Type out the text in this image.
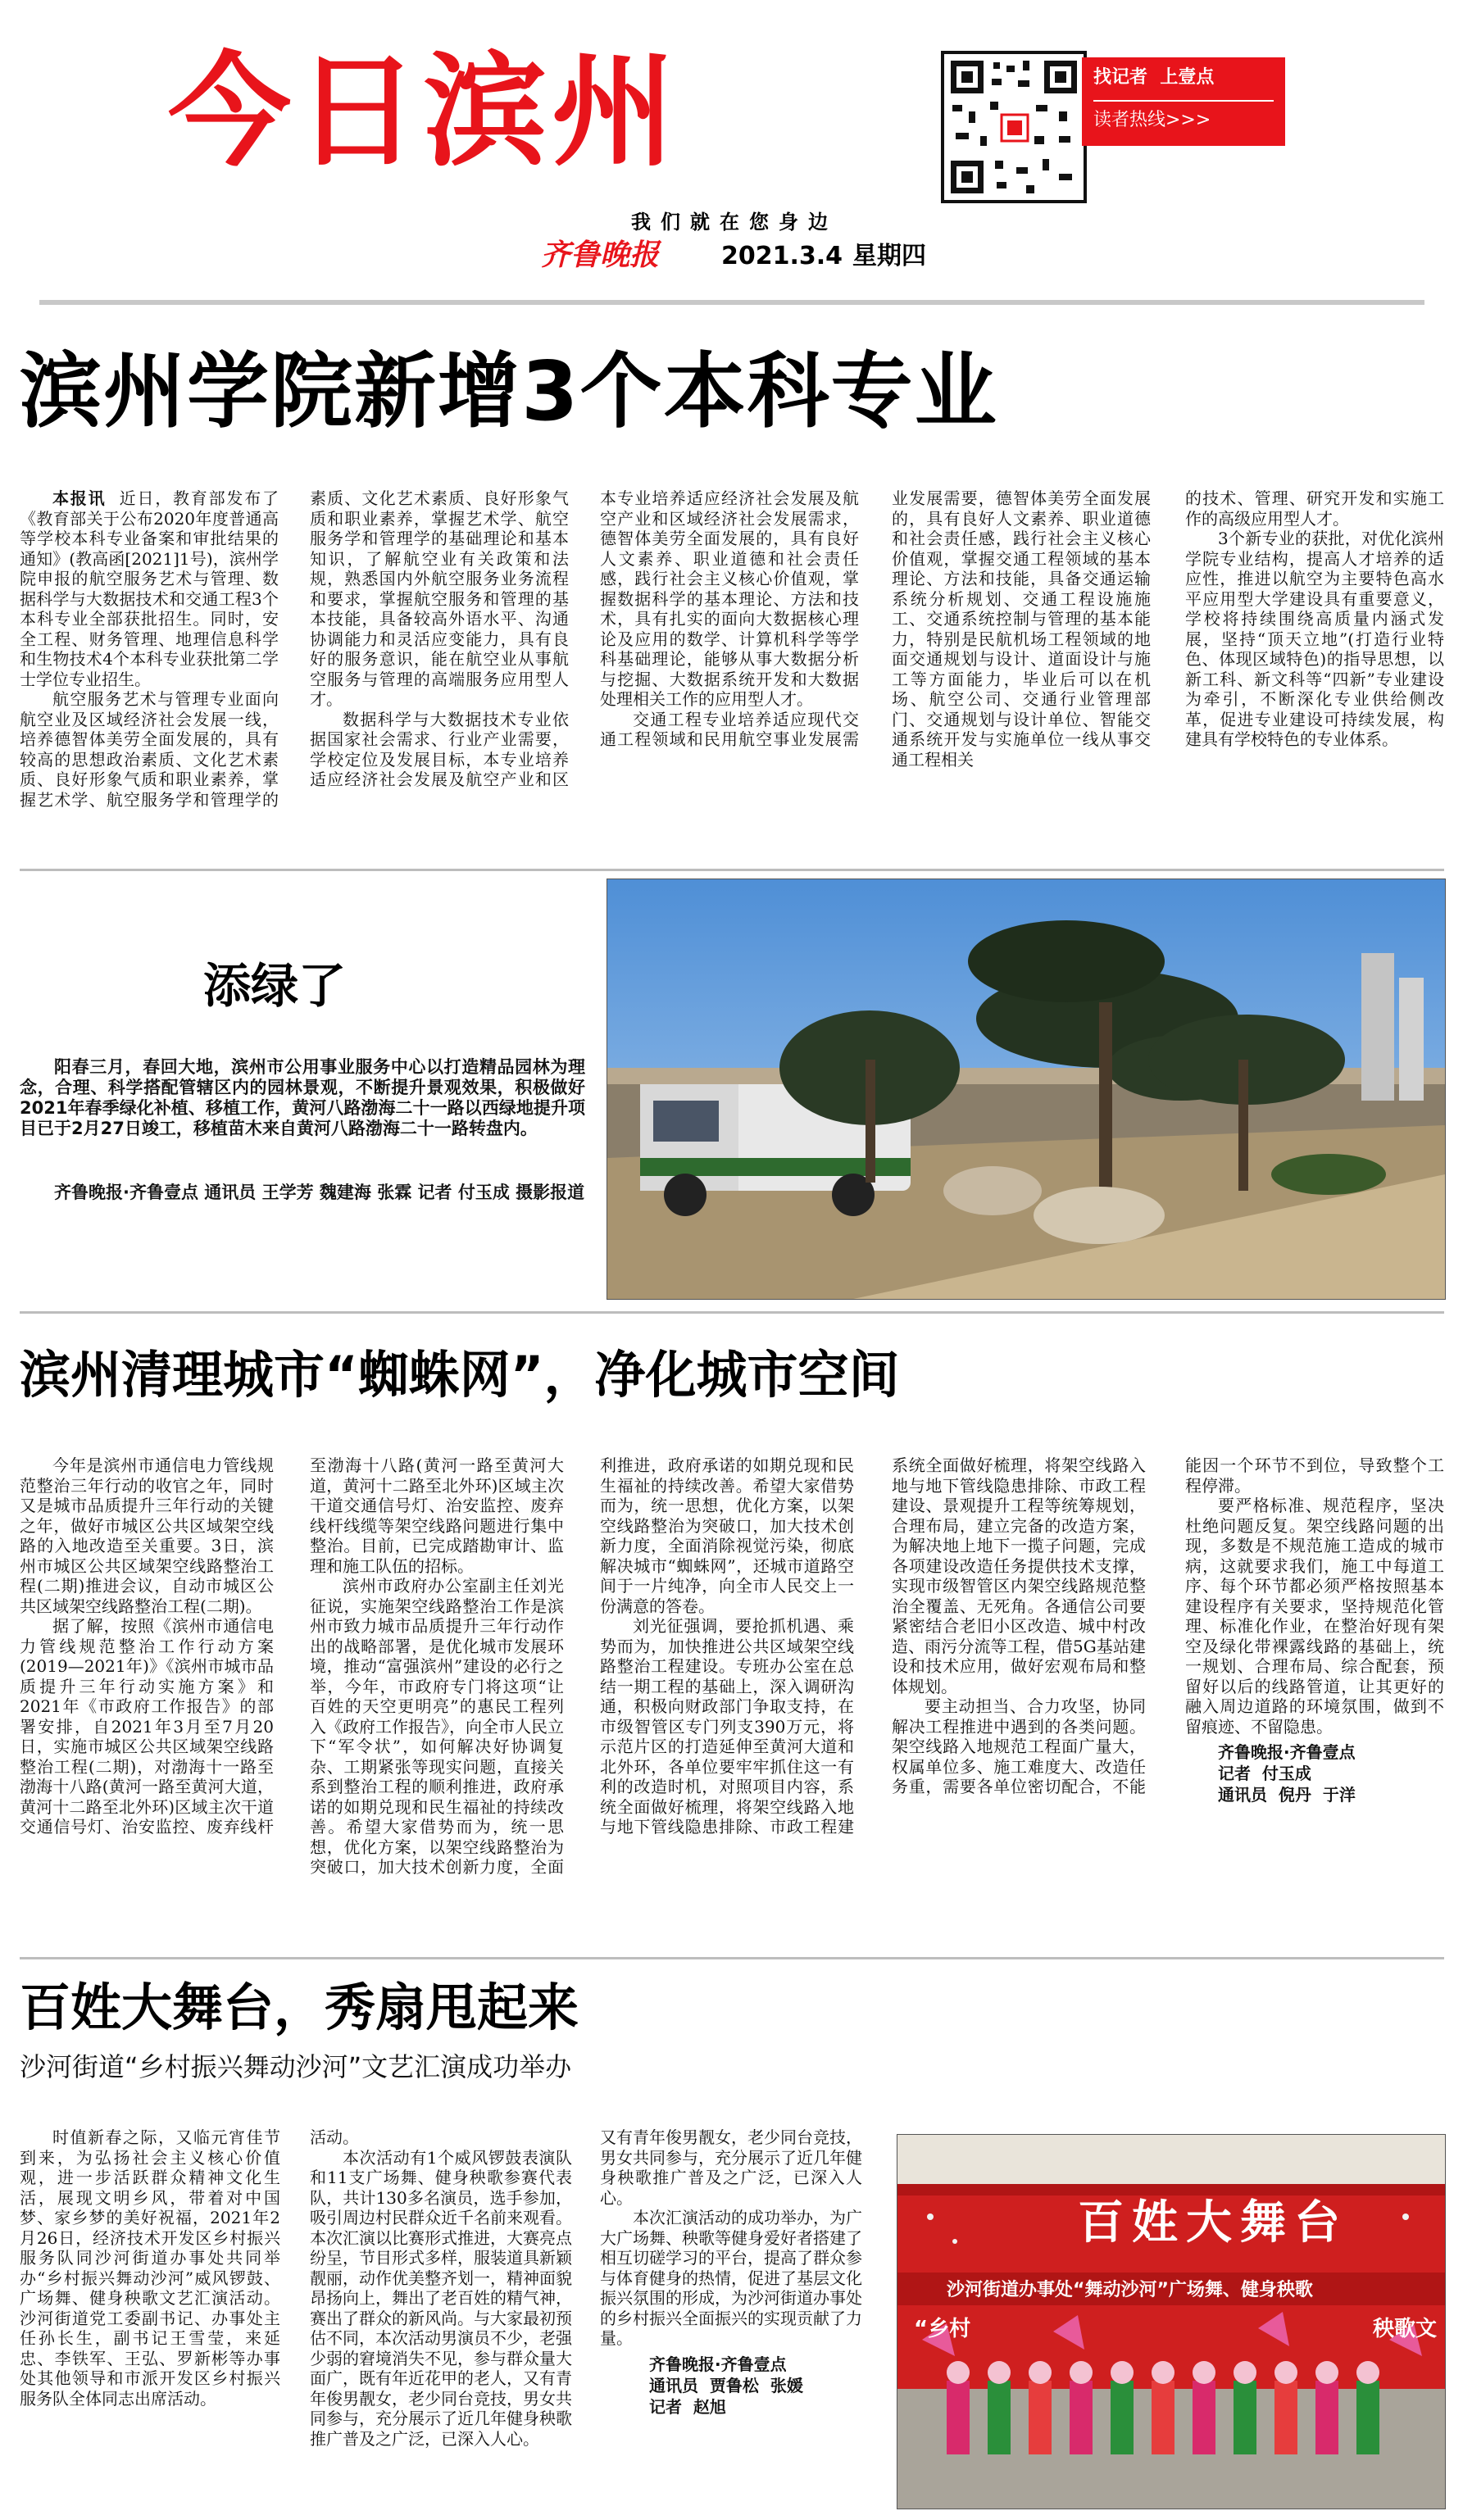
今日滨州	找记者  上壹点
读者热线>>>
我们就在您身边
齐鲁晚报	2021.3.4 星期四
滨州学院新增3个本科专业

本报讯 近日，教育部发布了《教育部关于公布2020年度普通高等学校本科专业备案和审批结果的通知》(教高函[2021]1号)，滨州学院申报的航空服务艺术与管理、数据科学与大数据技术和交通工程3个本科专业全部获批招生。同时，安全工程、财务管理、地理信息科学和生物技术4个本科专业获批第二学士学位专业招生。

航空服务艺术与管理专业面向航空业及区域经济社会发展一线，培养德智体美劳全面发展的，具有较高的思想政治素质、文化艺术素质、良好形象气质和职业素养，掌握艺术学、航空服务学和管理学的

素质、文化艺术素质、良好形象气质和职业素养，掌握艺术学、航空服务学和管理学的基础理论和基本知识，了解航空业有关政策和法规，熟悉国内外航空服务业务流程和要求，掌握航空服务和管理的基本技能，具备较高外语水平、沟通协调能力和灵活应变能力，具有良好的服务意识，能在航空业从事航空服务与管理的高端服务应用型人才。

数据科学与大数据技术专业依据国家社会需求、行业产业需要，学校定位及发展目标，本专业培养适应经济社会发展及航空产业和区

本专业培养适应经济社会发展及航空产业和区域经济社会发展需求，德智体美劳全面发展的，具有良好人文素养、职业道德和社会责任感，践行社会主义核心价值观，掌握数据科学的基本理论、方法和技术，具有扎实的面向大数据核心理论及应用的数学、计算机科学等学科基础理论，能够从事大数据分析与挖掘、大数据系统开发和大数据处理相关工作的应用型人才。

交通工程专业培养适应现代交通工程领域和民用航空事业发展需

业发展需要，德智体美劳全面发展的，具有良好人文素养、职业道德和社会责任感，践行社会主义核心价值观，掌握交通工程领域的基本理论、方法和技能，具备交通运输系统分析规划、交通工程设施施工、交通系统控制与管理的基本能力，特别是民航机场工程领域的地面交通规划与设计、道面设计与施工等方面能力，毕业后可以在机场、航空公司、交通行业管理部门、交通规划与设计单位、智能交通系统开发与实施单位一线从事交通工程相关

的技术、管理、研究开发和实施工作的高级应用型人才。

3个新专业的获批，对优化滨州学院专业结构，提高人才培养的适应性，推进以航空为主要特色高水平应用型大学建设具有重要意义，学校将持续围绕高质量内涵式发展，坚持“顶天立地”(打造行业特色、体现区域特色)的指导思想，以新工科、新文科等“四新”专业建设为牵引，不断深化专业供给侧改革，促进专业建设可持续发展，构建具有学校特色的专业体系。

添绿了
阳春三月，春回大地，滨州市公用事业服务中心以打造精品园林为理念，合理、科学搭配管辖区内的园林景观，不断提升景观效果，积极做好2021年春季绿化补植、移植工作，黄河八路渤海二十一路以西绿地提升项目已于2月27日竣工，移植苗木来自黄河八路渤海二十一路转盘内。
齐鲁晚报·齐鲁壹点 通讯员 王学芳 魏建海 张霖 记者 付玉成 摄影报道
滨州清理城市“蜘蛛网”，净化城市空间

今年是滨州市通信电力管线规范整治三年行动的收官之年，同时又是城市品质提升三年行动的关键之年，做好市城区公共区域架空线路的入地改造至关重要。3日，滨州市城区公共区域架空线路整治工程(二期)推进会议，自动市城区公共区域架空线路整治工程(二期)。

据了解，按照《滨州市通信电力管线规范整治工作行动方案(2019—2021年)》《滨州市城市品质提升三年行动实施方案》和2021年《市政府工作报告》的部署安排，自2021年3月至7月20日，实施市城区公共区域架空线路整治工程(二期)，对渤海十一路至渤海十八路(黄河一路至黄河大道，黄河十二路至北外环)区域主次干道交通信号灯、治安监控、废弃线杆

至渤海十八路(黄河一路至黄河大道，黄河十二路至北外环)区域主次干道交通信号灯、治安监控、废弃线杆线缆等架空线路问题进行集中整治。目前，已完成踏勘审计、监理和施工队伍的招标。

滨州市政府办公室副主任刘光征说，实施架空线路整治工作是滨州市致力城市品质提升三年行动作出的战略部署，是优化城市发展环境，推动“富强滨州”建设的必行之举，今年，市政府专门将这项“让百姓的天空更明亮”的惠民工程列入《政府工作报告》，向全市人民立下“军令状”，如何解决好协调复杂、工期紧张等现实问题，直接关系到整治工程的顺利推进，政府承诺的如期兑现和民生福祉的持续改善。希望大家借势而为，统一思想，优化方案，以架空线路整治为突破口，加大技术创新力度，全面

利推进，政府承诺的如期兑现和民生福祉的持续改善。希望大家借势而为，统一思想，优化方案，以架空线路整治为突破口，加大技术创新力度，全面消除视觉污染，彻底解决城市“蜘蛛网”，还城市道路空间于一片纯净，向全市人民交上一份满意的答卷。

刘光征强调，要抢抓机遇、乘势而为，加快推进公共区域架空线路整治工程建设。专班办公室在总结一期工程的基础上，深入调研沟通，积极向财政部门争取支持，在市级智管区专门列支390万元，将示范片区的打造延伸至黄河大道和北外环，各单位要牢牢抓住这一有利的改造时机，对照项目内容，系统全面做好梳理，将架空线路入地与地下管线隐患排除、市政工程建

系统全面做好梳理，将架空线路入地与地下管线隐患排除、市政工程建设、景观提升工程等统筹规划，合理布局，建立完备的改造方案，为解决地上地下一揽子问题，完成各项建设改造任务提供技术支撑，实现市级智管区内架空线路规范整治全覆盖、无死角。各通信公司要紧密结合老旧小区改造、城中村改造、雨污分流等工程，借5G基站建设和技术应用，做好宏观布局和整体规划。

要主动担当、合力攻坚，协同解决工程推进中遇到的各类问题。架空线路入地规范工程面广量大，权属单位多、施工难度大、改造任务重，需要各单位密切配合，不能

能因一个环节不到位，导致整个工程停滞。

要严格标准、规范程序，坚决杜绝问题反复。架空线路问题的出现，多数是不规范施工造成的城市病，这就要求我们，施工中每道工序、每个环节都必须严格按照基本建设程序有关要求，坚持规范化管理、标准化作业，在整治好现有架空及绿化带裸露线路的基础上，统一规划、合理布局、综合配套，预留好以后的线路管道，让其更好的融入周边道路的环境氛围，做到不留痕迹、不留隐患。

齐鲁晚报·齐鲁壹点
记者  付玉成
通讯员  倪丹  于洋
百姓大舞台，秀扇甩起来
沙河街道“乡村振兴舞动沙河”文艺汇演成功举办

时值新春之际，又临元宵佳节到来，为弘扬社会主义核心价值观，进一步活跃群众精神文化生活，展现文明乡风，带着对中国梦、家乡梦的美好祝福，2021年2月26日，经济技术开发区乡村振兴服务队同沙河街道办事处共同举办“乡村振兴舞动沙河”威风锣鼓、广场舞、健身秧歌文艺汇演活动。沙河街道党工委副书记、办事处主任孙长生，副书记王雪莹，来延忠、李铁军、王弘、罗新彬等办事处其他领导和市派开发区乡村振兴服务队全体同志出席活动。

活动。

本次活动有1个威风锣鼓表演队和11支广场舞、健身秧歌参赛代表队，共计130多名演员，选手参加，吸引周边村民群众近千名前来观看。本次汇演以比赛形式推进，大赛亮点纷呈，节目形式多样，服装道具新颖靓丽，动作优美整齐划一，精神面貌昂扬向上，舞出了老百姓的精气神，赛出了群众的新风尚。与大家最初预估不同，本次活动男演员不少，老强少弱的窘境消失不见，参与群众量大面广，既有年近花甲的老人，又有青年俊男靓女，老少同台竞技，男女共同参与，充分展示了近几年健身秧歌推广普及之广泛，已深入人心。

又有青年俊男靓女，老少同台竞技，男女共同参与，充分展示了近几年健身秧歌推广普及之广泛，已深入人心。

本次汇演活动的成功举办，为广大广场舞、秧歌等健身爱好者搭建了相互切磋学习的平台，提高了群众参与体育健身的热情，促进了基层文化振兴氛围的形成，为沙河街道办事处的乡村振兴全面振兴的实现贡献了力量。

齐鲁晚报·齐鲁壹点
通讯员  贾鲁松  张媛
记者  赵旭
百姓大舞台
沙河街道办事处“舞动沙河”广场舞、健身秧歌
“乡村	秧歌文
